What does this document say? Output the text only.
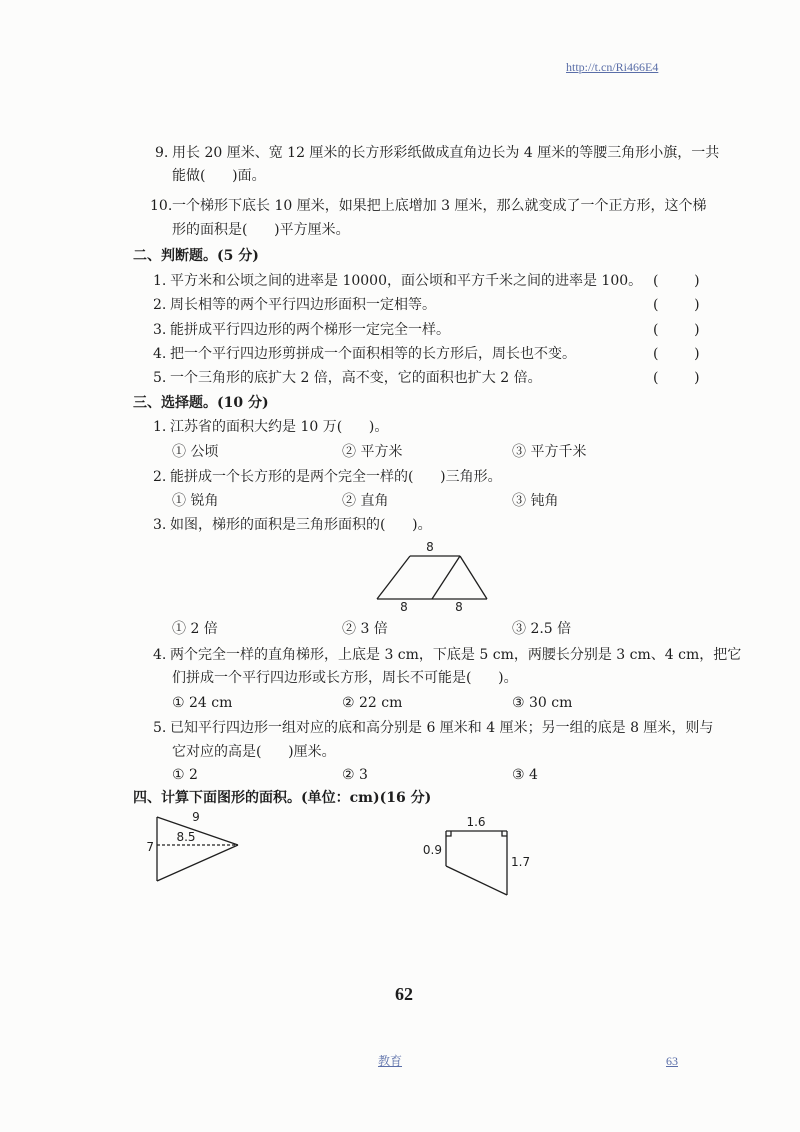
http://t.cn/Ri466E4
9. 用长 20 厘米、宽 12 厘米的长方形彩纸做成直角边长为 4 厘米的等腰三角形小旗，一共
能做(      )面。
10.一个梯形下底长 10 厘米，如果把上底增加 3 厘米，那么就变成了一个正方形，这个梯
形的面积是(      )平方厘米。
二、判断题。(5 分)
1. 平方米和公顷之间的进率是 10000，面公顷和平方千米之间的进率是 100。 (        )
2. 周长相等的两个平行四边形面积一定相等。	(        )
3. 能拼成平行四边形的两个梯形一定完全一样。	(        )
4. 把一个平行四边形剪拼成一个面积相等的长方形后，周长也不变。	(        )
5. 一个三角形的底扩大 2 倍，高不变，它的面积也扩大 2 倍。	(        )
三、选择题。(10 分)
1. 江苏省的面积大约是 10 万(      )。
① 公顷	② 平方米	③ 平方千米
2. 能拼成一个长方形的是两个完全一样的(      )三角形。
① 锐角	② 直角	③ 钝角
3. 如图，梯形的面积是三角形面积的(      )。
8
8	8
① 2 倍	② 3 倍	③ 2.5 倍
4. 两个完全一样的直角梯形，上底是 3 cm，下底是 5 cm，两腰长分别是 3 cm、4 cm，把它
们拼成一个平行四边形或长方形，周长不可能是(      )。
① 24 cm	② 22 cm	③ 30 cm
5. 已知平行四边形一组对应的底和高分别是 6 厘米和 4 厘米；另一组的底是 8 厘米，则与
它对应的高是(      )厘米。
① 2	② 3	③ 4
四、计算下面图形的面积。(单位：cm)(16 分)
9
8.5
7
1.6
0.9
1.7
62
教育	63
